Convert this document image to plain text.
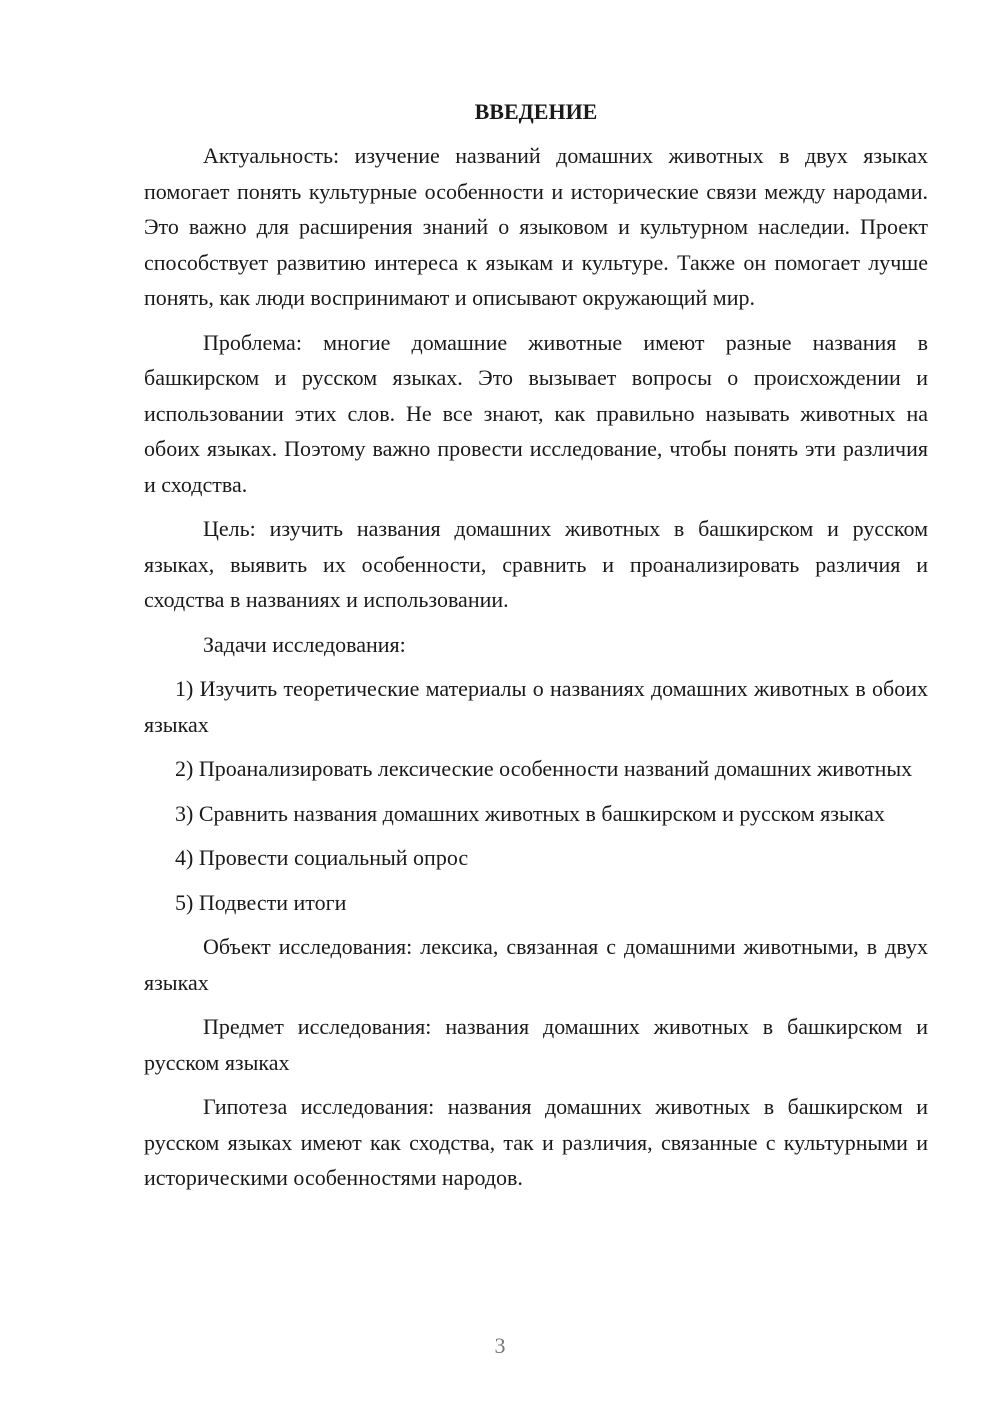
ВВЕДЕНИЕ

Актуальность: изучение названий домашних животных в двух языках помогает понять культурные особенности и исторические связи между народами. Это важно для расширения знаний о языковом и культурном наследии. Проект способствует развитию интереса к языкам и культуре. Также он помогает лучше понять, как люди воспринимают и описывают окружающий мир.

Проблема: многие домашние животные имеют разные названия в башкирском и русском языках. Это вызывает вопросы о происхождении и использовании этих слов. Не все знают, как правильно называть животных на обоих языках. Поэтому важно провести исследование, чтобы понять эти различия и сходства.

Цель: изучить названия домашних животных в башкирском и русском языках, выявить их особенности, сравнить и проанализировать различия и сходства в названиях и использовании.

Задачи исследования:

1) Изучить теоретические материалы о названиях домашних животных в обоих языках

2) Проанализировать лексические особенности названий домашних животных

3) Сравнить названия домашних животных в башкирском и русском языках

4) Провести социальный опрос

5) Подвести итоги

Объект исследования: лексика, связанная с домашними животными, в двух языках

Предмет исследования: названия домашних животных в башкирском и русском языках

Гипотеза исследования: названия домашних животных в башкирском и русском языках имеют как сходства, так и различия, связанные с культурными и историческими особенностями народов.

3
